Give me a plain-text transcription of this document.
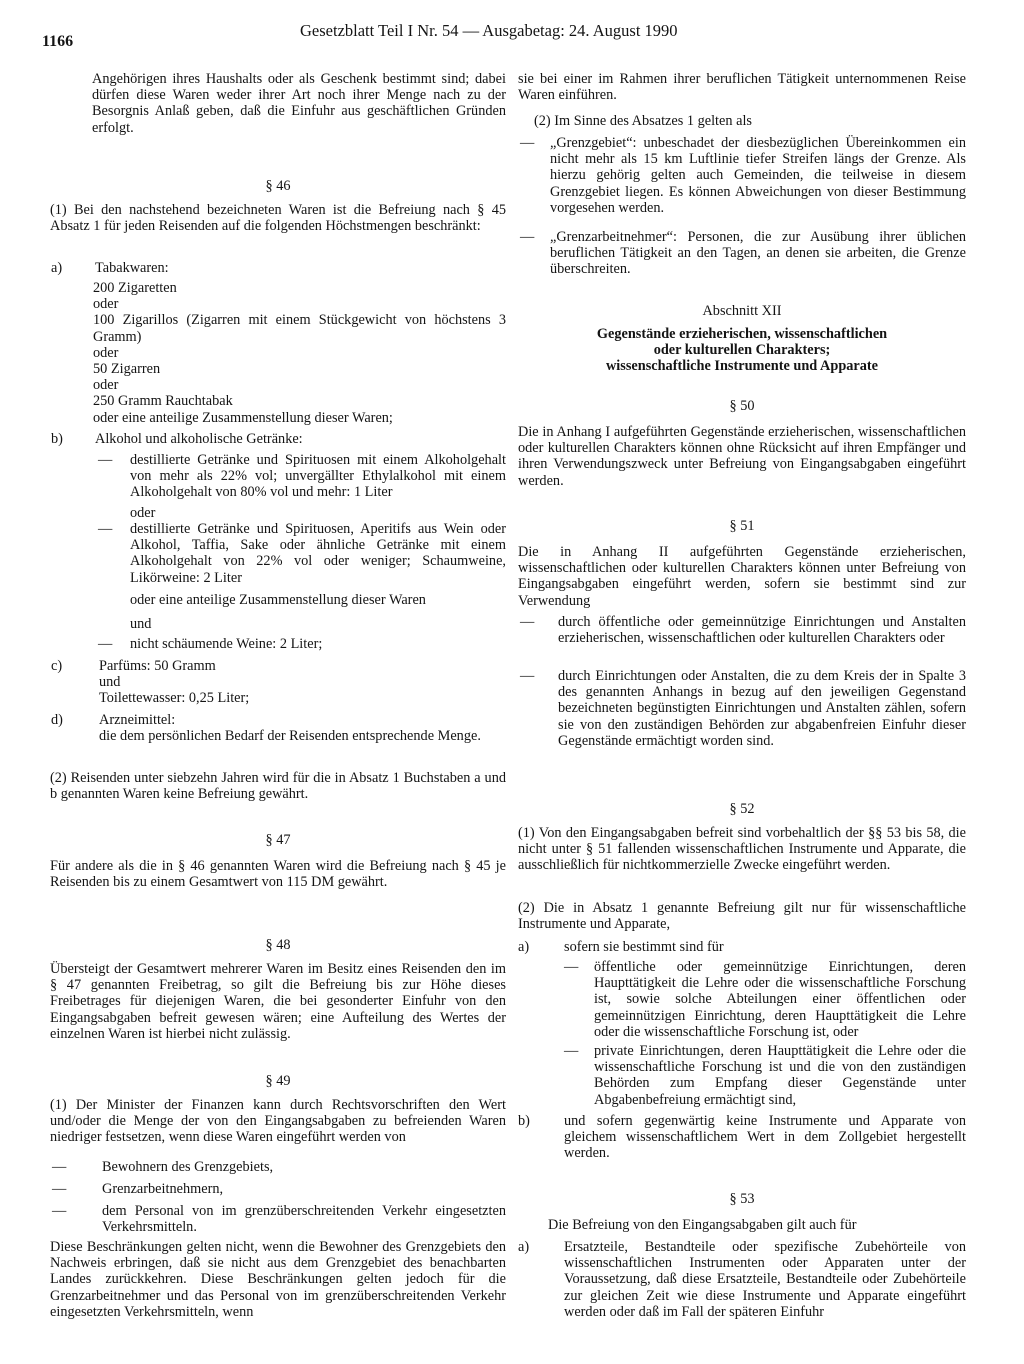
1166
Gesetzblatt Teil I Nr. 54 — Ausgabetag: 24. August 1990
Angehörigen ihres Haushalts oder als Geschenk bestimmt sind; dabei dürfen diese Waren weder ihrer Art noch ihrer Menge nach zu der Besorgnis Anlaß geben, daß die Einfuhr aus geschäftlichen Gründen erfolgt.
§ 46
(1) Bei den nachstehend bezeichneten Waren ist die Befreiung nach § 45 Absatz 1 für jeden Reisenden auf die folgenden Höchstmengen beschränkt:
a) Tabakwaren:
200 Zigaretten
oder
100 Zigarillos (Zigarren mit einem Stückgewicht von höchstens 3 Gramm)
oder
50 Zigarren
oder
250 Gramm Rauchtabak
oder eine anteilige Zusammenstellung dieser Waren;
b) Alkohol und alkoholische Getränke:
— destillierte Getränke und Spirituosen mit einem Alkoholgehalt von mehr als 22% vol; unvergällter Ethylalkohol mit einem Alkoholgehalt von 80% vol und mehr: 1 Liter
oder
— destillierte Getränke und Spirituosen, Aperitifs aus Wein oder Alkohol, Taffia, Sake oder ähnliche Getränke mit einem Alkoholgehalt von 22% vol oder weniger; Schaumweine, Likörweine: 2 Liter
oder eine anteilige Zusammenstellung dieser Waren
und
— nicht schäumende Weine: 2 Liter;
c)	Parfüms: 50 Gramm
und
Toilettewasser: 0,25 Liter;
d)	Arzneimittel:
die dem persönlichen Bedarf der Reisenden entsprechende Menge.
(2) Reisenden unter siebzehn Jahren wird für die in Absatz 1 Buchstaben a und b genannten Waren keine Befreiung gewährt.
§ 47
Für andere als die in § 46 genannten Waren wird die Befreiung nach § 45 je Reisenden bis zu einem Gesamtwert von 115 DM gewährt.
§ 48
Übersteigt der Gesamtwert mehrerer Waren im Besitz eines Reisenden den im § 47 genannten Freibetrag, so gilt die Befreiung bis zur Höhe dieses Freibetrages für diejenigen Waren, die bei gesonderter Einfuhr von den Eingangsabgaben befreit gewesen wären; eine Aufteilung des Wertes der einzelnen Waren ist hierbei nicht zulässig.
§ 49
(1) Der Minister der Finanzen kann durch Rechtsvorschriften den Wert und/oder die Menge der von den Eingangsabgaben zu befreienden Waren niedriger festsetzen, wenn diese Waren eingeführt werden von
— Bewohnern des Grenzgebiets,
— Grenzarbeitnehmern,
— dem Personal von im grenzüberschreitenden Verkehr eingesetzten Verkehrsmitteln.
Diese Beschränkungen gelten nicht, wenn die Bewohner des Grenzgebiets den Nachweis erbringen, daß sie nicht aus dem Grenzgebiet des benachbarten Landes zurückkehren. Diese Beschränkungen gelten jedoch für die Grenzarbeitnehmer und das Personal von im grenzüberschreitenden Verkehr eingesetzten Verkehrsmitteln, wenn
sie bei einer im Rahmen ihrer beruflichen Tätigkeit unternommenen Reise Waren einführen.
(2) Im Sinne des Absatzes 1 gelten als
— „Grenzgebiet“: unbeschadet der diesbezüglichen Übereinkommen ein nicht mehr als 15 km Luftlinie tiefer Streifen längs der Grenze. Als hierzu gehörig gelten auch Gemeinden, die teilweise in diesem Grenzgebiet liegen. Es können Abweichungen von dieser Bestimmung vorgesehen werden.
— „Grenzarbeitnehmer“: Personen, die zur Ausübung ihrer üblichen beruflichen Tätigkeit an den Tagen, an denen sie arbeiten, die Grenze überschreiten.
Abschnitt XII
Gegenstände erzieherischen, wissenschaftlichen
oder kulturellen Charakters;
wissenschaftliche Instrumente und Apparate
§ 50
Die in Anhang I aufgeführten Gegenstände erzieherischen, wissenschaftlichen oder kulturellen Charakters können ohne Rücksicht auf ihren Empfänger und ihren Verwendungszweck unter Befreiung von Eingangsabgaben eingeführt werden.
§ 51
Die in Anhang II aufgeführten Gegenstände erzieherischen, wissenschaftlichen oder kulturellen Charakters können unter Befreiung von Eingangsabgaben eingeführt werden, sofern sie bestimmt sind zur Verwendung
— durch öffentliche oder gemeinnützige Einrichtungen und Anstalten erzieherischen, wissenschaftlichen oder kulturellen Charakters oder
— durch Einrichtungen oder Anstalten, die zu dem Kreis der in Spalte 3 des genannten Anhangs in bezug auf den jeweiligen Gegenstand bezeichneten begünstigten Einrichtungen und Anstalten zählen, sofern sie von den zuständigen Behörden zur abgabenfreien Einfuhr dieser Gegenstände ermächtigt worden sind.
§ 52
(1) Von den Eingangsabgaben befreit sind vorbehaltlich der §§ 53 bis 58, die nicht unter § 51 fallenden wissenschaftlichen Instrumente und Apparate, die ausschließlich für nichtkommerzielle Zwecke eingeführt werden.
(2) Die in Absatz 1 genannte Befreiung gilt nur für wissenschaftliche Instrumente und Apparate,
a) sofern sie bestimmt sind für
— öffentliche oder gemeinnützige Einrichtungen, deren Haupttätigkeit die Lehre oder die wissenschaftliche Forschung ist, sowie solche Abteilungen einer öffentlichen oder gemeinnützigen Einrichtung, deren Haupttätigkeit die Lehre oder die wissenschaftliche Forschung ist, oder
— private Einrichtungen, deren Haupttätigkeit die Lehre oder die wissenschaftliche Forschung ist und die von den zuständigen Behörden zum Empfang dieser Gegenstände unter Abgabenbefreiung ermächtigt sind,
b) und sofern gegenwärtig keine Instrumente und Apparate von gleichem wissenschaftlichem Wert in dem Zollgebiet hergestellt werden.
§ 53
Die Befreiung von den Eingangsabgaben gilt auch für
a) Ersatzteile, Bestandteile oder spezifische Zubehörteile von wissenschaftlichen Instrumenten oder Apparaten unter der Voraussetzung, daß diese Ersatzteile, Bestandteile oder Zubehörteile zur gleichen Zeit wie diese Instrumente und Apparate eingeführt werden oder daß im Fall der späteren Einfuhr
